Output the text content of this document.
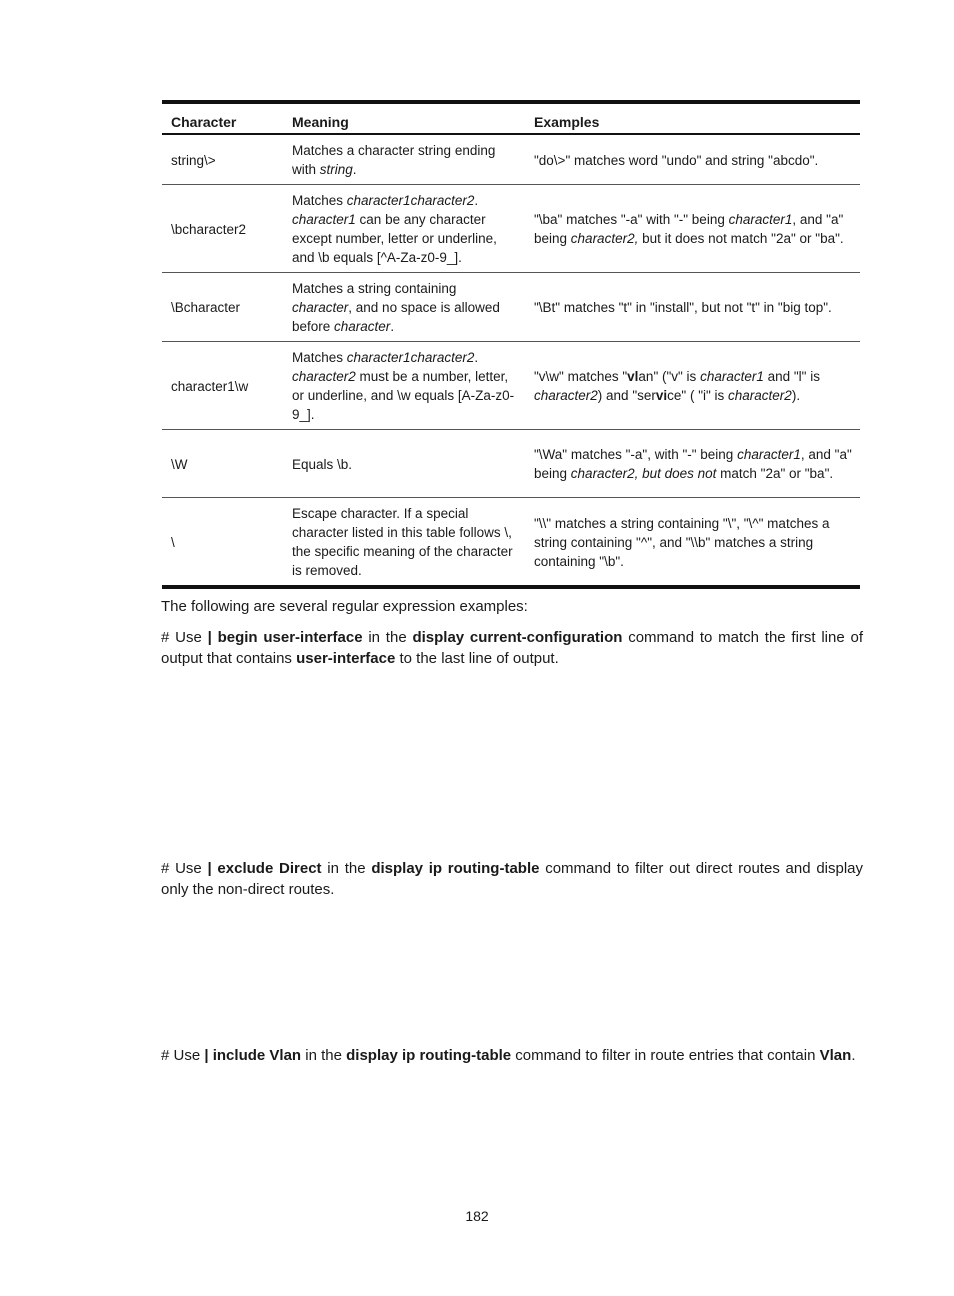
Character	Meaning	Examples
string\>	Matches a character string ending with string.	"do\>" matches word "undo" and string "abcdo".
\bcharacter2	Matches character1character2. character1 can be any character except number, letter or underline, and \b equals [^A-Za-z0-9_].	"\ba" matches "-a" with "-" being character1, and "a" being character2, but it does not match "2a" or "ba".
\Bcharacter	Matches a string containing character, and no space is allowed before character.	"\Bt" matches "t" in "install", but not "t" in "big top".
character1\w	Matches character1character2. character2 must be a number, letter, or underline, and \w equals [A-Za-z0-9_].	"v\w" matches "vlan" ("v" is character1 and "l" is character2) and "service" ( "i" is character2).
\W	Equals \b.	"\Wa" matches "-a", with "-" being character1, and "a" being character2, but does not match "2a" or "ba".
\	Escape character. If a special character listed in this table follows \, the specific meaning of the character is removed.	"\\" matches a string containing "\", "\^" matches a string containing "^", and "\\b" matches a string containing "\b".

The following are several regular expression examples:

# Use | begin user-interface in the display current-configuration command to match the first line of output that contains user-interface to the last line of output.

# Use | exclude Direct in the display ip routing-table command to filter out direct routes and display only the non-direct routes.

# Use | include Vlan in the display ip routing-table command to filter in route entries that contain Vlan.

182
